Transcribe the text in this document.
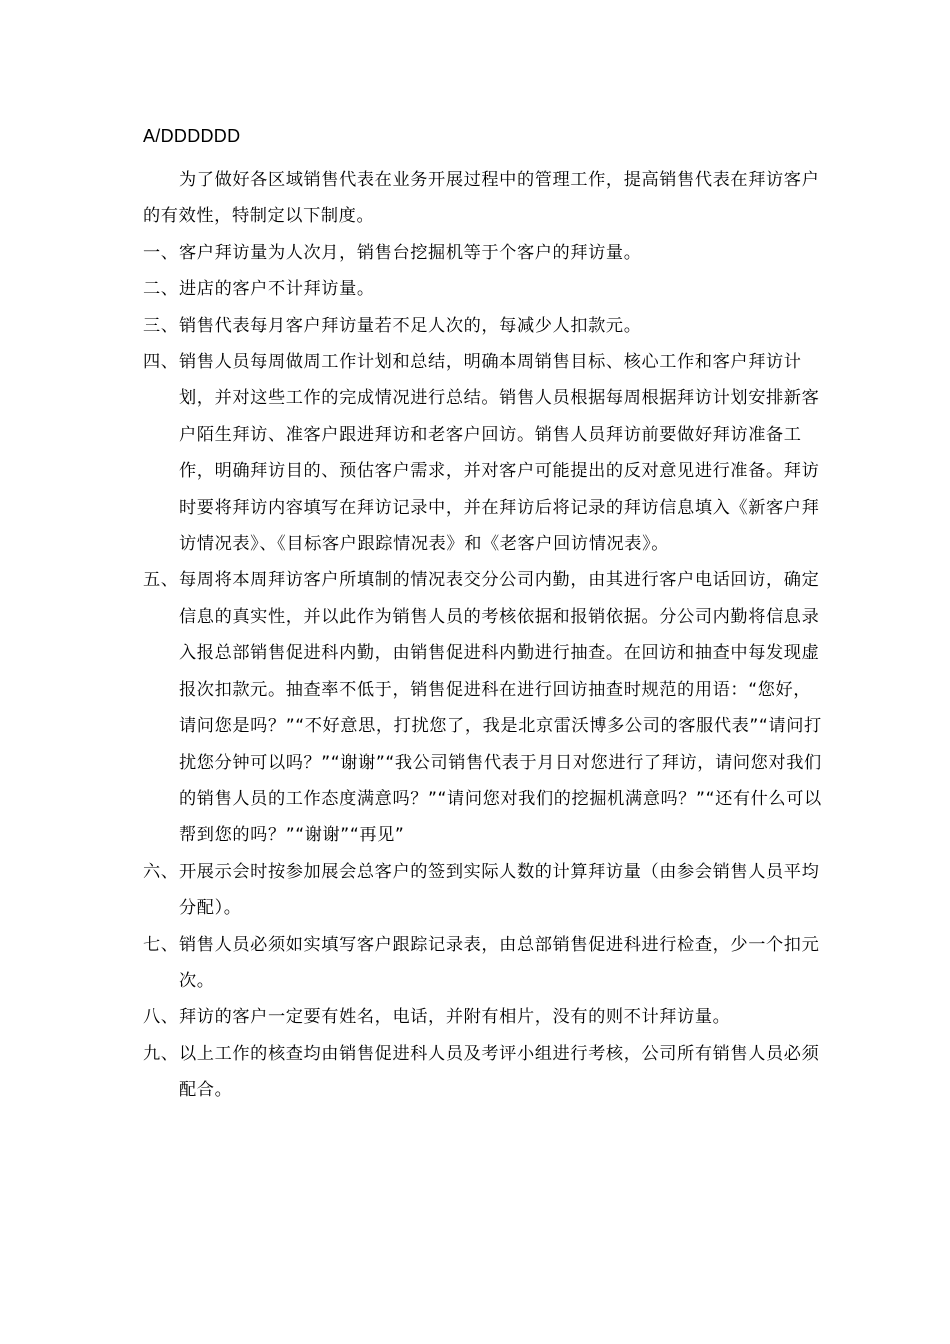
A/DDDDDD

为了做好各区域销售代表在业务开展过程中的管理工作，提高销售代表在拜访客户的有效性，特制定以下制度。

一、 客户拜访量为人次月，销售台挖掘机等于个客户的拜访量。
二、 进店的客户不计拜访量。
三、 销售代表每月客户拜访量若不足人次的，每减少人扣款元。
四、 销售人员每周做周工作计划和总结，明确本周销售目标、核心工作和客户拜访计划，并对这些工作的完成情况进行总结。销售人员根据每周根据拜访计划安排新客户陌生拜访、准客户跟进拜访和老客户回访。销售人员拜访前要做好拜访准备工作，明确拜访目的、预估客户需求，并对客户可能提出的反对意见进行准备。拜访时要将拜访内容填写在拜访记录中，并在拜访后将记录的拜访信息填入《新客户拜访情况表》、《目标客户跟踪情况表》和《老客户回访情况表》。
五、 每周将本周拜访客户所填制的情况表交分公司内勤，由其进行客户电话回访，确定信息的真实性，并以此作为销售人员的考核依据和报销依据。分公司内勤将信息录入报总部销售促进科内勤，由销售促进科内勤进行抽查。在回访和抽查中每发现虚报次扣款元。抽查率不低于，销售促进科在进行回访抽查时规范的用语：“您好，请问您是吗？”“不好意思，打扰您了，我是北京雷沃博多公司的客服代表”“请问打扰您分钟可以吗？”“谢谢”“我公司销售代表于月日对您进行了拜访，请问您对我们的销售人员的工作态度满意吗？”“请问您对我们的挖掘机满意吗？”“还有什么可以帮到您的吗？”“谢谢”“再见”
六、 开展示会时按参加展会总客户的签到实际人数的计算拜访量（由参会销售人员平均分配）。
七、 销售人员必须如实填写客户跟踪记录表，由总部销售促进科进行检查，少一个扣元次。
八、 拜访的客户一定要有姓名，电话，并附有相片，没有的则不计拜访量。
九、 以上工作的核查均由销售促进科人员及考评小组进行考核，公司所有销售人员必须配合。
